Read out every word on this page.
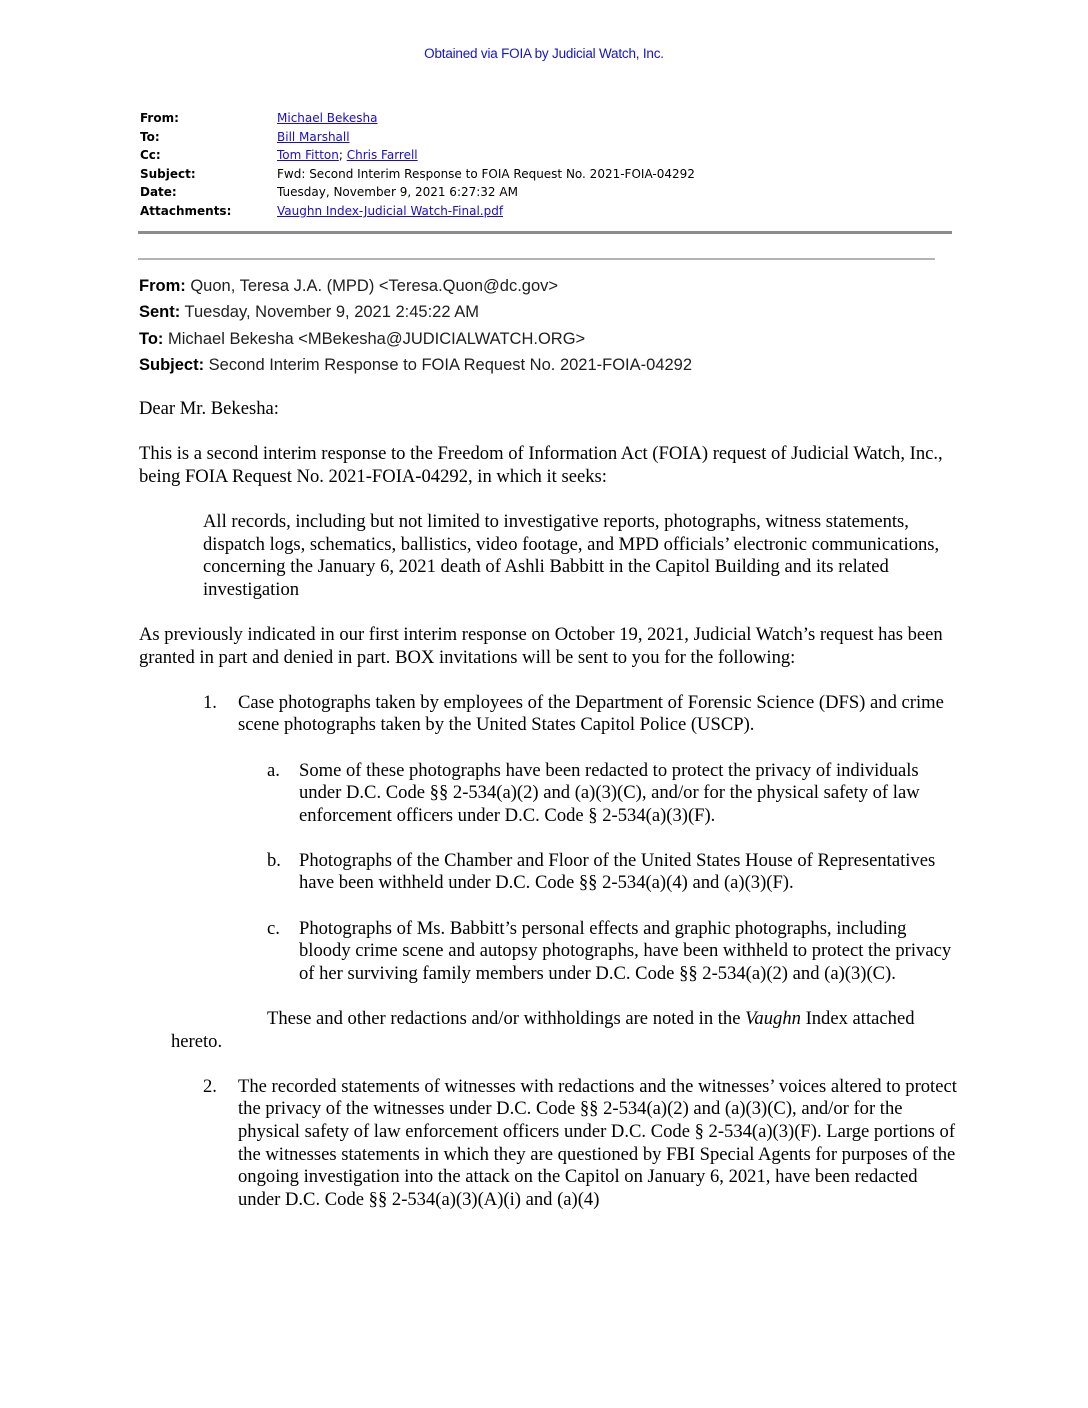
Obtained via FOIA by Judicial Watch, Inc.
From:	Michael Bekesha
To:	Bill Marshall
Cc:	Tom Fitton; Chris Farrell
Subject:	Fwd: Second Interim Response to FOIA Request No. 2021-FOIA-04292
Date:	Tuesday, November 9, 2021 6:27:32 AM
Attachments:	Vaughn Index-Judicial Watch-Final.pdf
From: Quon, Teresa J.A. (MPD) <Teresa.Quon@dc.gov>
Sent: Tuesday, November 9, 2021 2:45:22 AM
To: Michael Bekesha <MBekesha@JUDICIALWATCH.ORG>
Subject: Second Interim Response to FOIA Request No. 2021-FOIA-04292

Dear Mr. Bekesha:

This is a second interim response to the Freedom of Information Act (FOIA) request of Judicial Watch, Inc., being FOIA Request No. 2021-FOIA-04292, in which it seeks:

All records, including but not limited to investigative reports, photographs, witness statements, dispatch logs, schematics, ballistics, video footage, and MPD officials’ electronic communications, concerning the January 6, 2021 death of Ashli Babbitt in the Capitol Building and its related investigation

As previously indicated in our first interim response on October 19, 2021, Judicial Watch’s request has been granted in part and denied in part. BOX invitations will be sent to you for the following:

1.	Case photographs taken by employees of the Department of Forensic Science (DFS) and crime scene photographs taken by the United States Capitol Police (USCP).
a.	Some of these photographs have been redacted to protect the privacy of individuals under D.C. Code §§ 2-534(a)(2) and (a)(3)(C), and/or for the physical safety of law enforcement officers under D.C. Code § 2-534(a)(3)(F).
b. Photographs of the Chamber and Floor of the United States House of Representatives have been withheld under D.C. Code §§ 2-534(a)(4) and (a)(3)(F).
c.	Photographs of Ms. Babbitt’s personal effects and graphic photographs, including bloody crime scene and autopsy photographs, have been withheld to protect the privacy of her surviving family members under D.C. Code §§ 2-534(a)(2) and (a)(3)(C).

These and other redactions and/or withholdings are noted in the Vaughn Index attached hereto.

2.	The recorded statements of witnesses with redactions and the witnesses’ voices altered to protect the privacy of the witnesses under D.C. Code §§ 2-534(a)(2) and (a)(3)(C), and/or for the physical safety of law enforcement officers under D.C. Code § 2-534(a)(3)(F). Large portions of the witnesses statements in which they are questioned by FBI Special Agents for purposes of the ongoing investigation into the attack on the Capitol on January 6, 2021, have been redacted under D.C. Code §§ 2-534(a)(3)(A)(i) and (a)(4)
